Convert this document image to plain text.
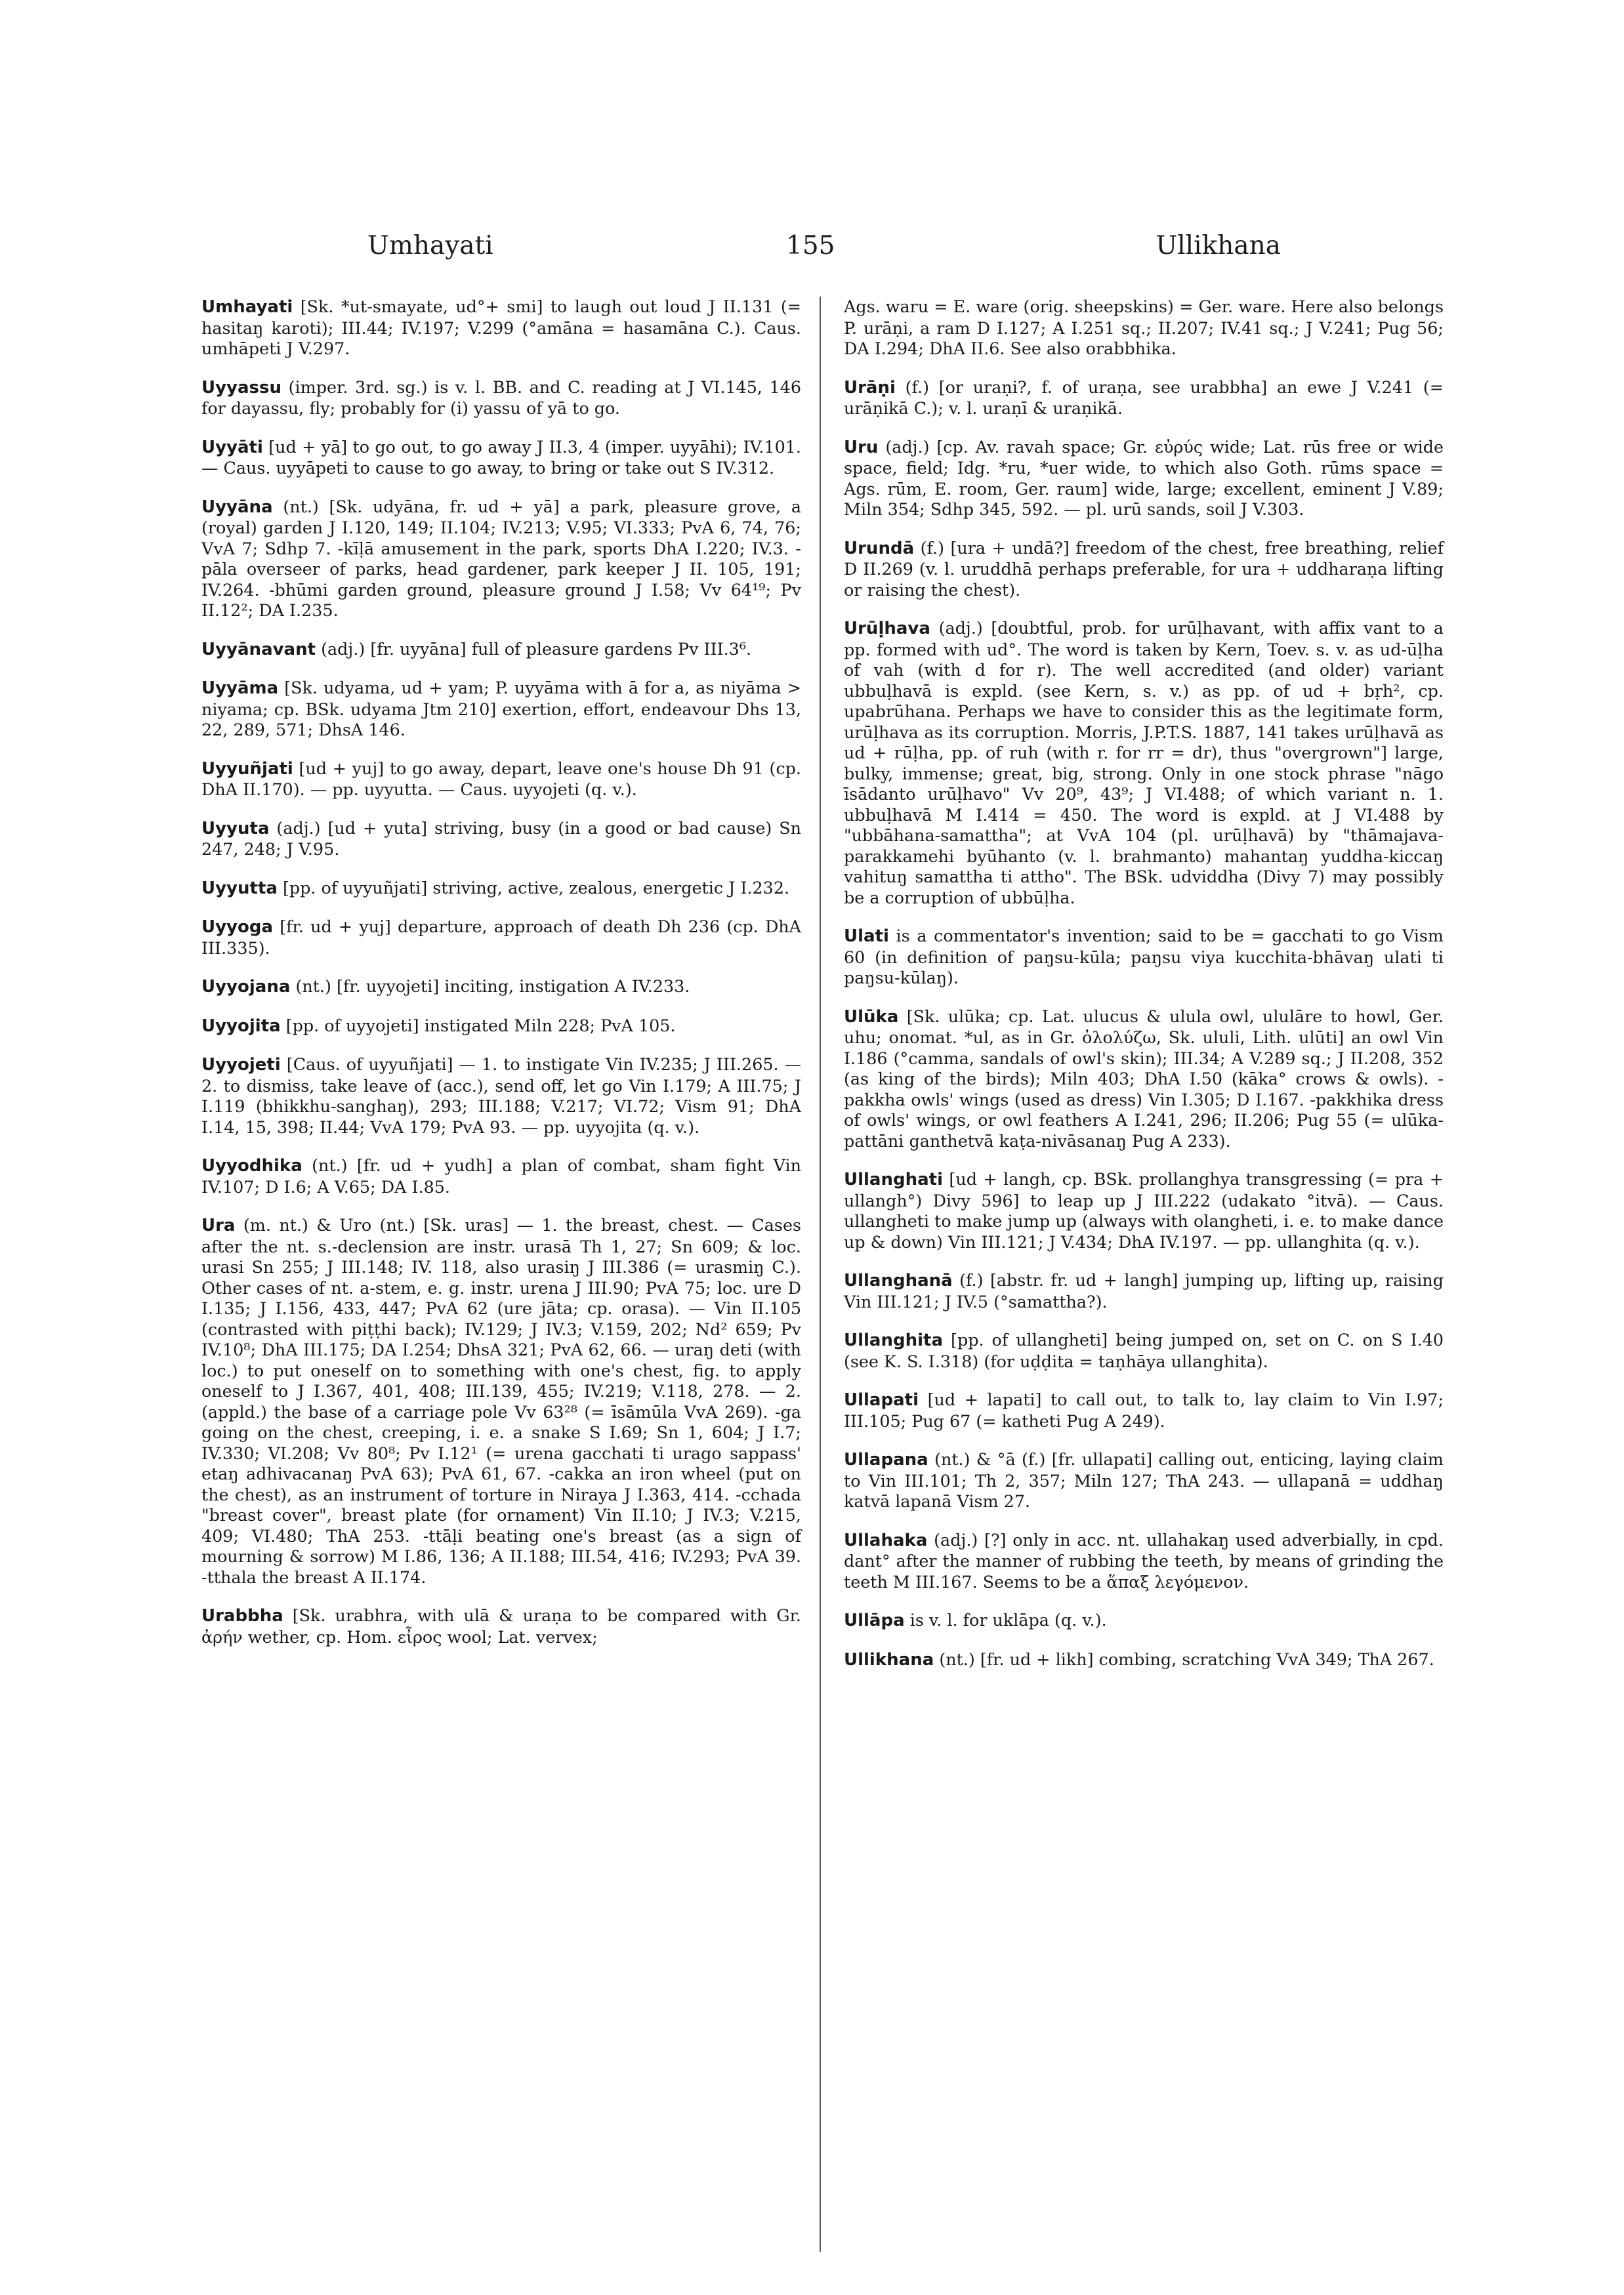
Umhayati	155	Ullikhana
Umhayati [Sk. *ut-smayate, ud°+ smi] to laugh out loud J II.131 (= hasitaŋ karoti); III.44; IV.197; V.299 (°amāna = hasamāna C.). Caus. umhāpeti J V.297.
Uyyassu (imper. 3rd. sg.) is v. l. BB. and C. reading at J VI.145, 146 for dayassu, fly; probably for (i) yassu of yā to go.
Uyyāti [ud + yā] to go out, to go away J II.3, 4 (imper. uyyāhi); IV.101. — Caus. uyyāpeti to cause to go away, to bring or take out S IV.312.
Uyyāna (nt.) [Sk. udyāna, fr. ud + yā] a park, pleasure grove, a (royal) garden J I.120, 149; II.104; IV.213; V.95; VI.333; PvA 6, 74, 76; VvA 7; Sdhp 7. -kīḷā amusement in the park, sports DhA I.220; IV.3. -pāla overseer of parks, head gardener, park keeper J II. 105, 191; IV.264. -bhūmi garden ground, pleasure ground J I.58; Vv 64¹⁹; Pv II.12²; DA I.235.
Uyyānavant (adj.) [fr. uyyāna] full of pleasure gardens Pv III.3⁶.
Uyyāma [Sk. udyama, ud + yam; P. uyyāma with ā for a, as niyāma > niyama; cp. BSk. udyama Jtm 210] exertion, effort, endeavour Dhs 13, 22, 289, 571; DhsA 146.
Uyyuñjati [ud + yuj] to go away, depart, leave one's house Dh 91 (cp. DhA II.170). — pp. uyyutta. — Caus. uyyojeti (q. v.).
Uyyuta (adj.) [ud + yuta] striving, busy (in a good or bad cause) Sn 247, 248; J V.95.
Uyyutta [pp. of uyyuñjati] striving, active, zealous, energetic J I.232.
Uyyoga [fr. ud + yuj] departure, approach of death Dh 236 (cp. DhA III.335).
Uyyojana (nt.) [fr. uyyojeti] inciting, instigation A IV.233.
Uyyojita [pp. of uyyojeti] instigated Miln 228; PvA 105.
Uyyojeti [Caus. of uyyuñjati] — 1. to instigate Vin IV.235; J III.265. — 2. to dismiss, take leave of (acc.), send off, let go Vin I.179; A III.75; J I.119 (bhikkhu-sanghaŋ), 293; III.188; V.217; VI.72; Vism 91; DhA I.14, 15, 398; II.44; VvA 179; PvA 93. — pp. uyyojita (q. v.).
Uyyodhika (nt.) [fr. ud + yudh] a plan of combat, sham fight Vin IV.107; D I.6; A V.65; DA I.85.
Ura (m. nt.) & Uro (nt.) [Sk. uras] — 1. the breast, chest. — Cases after the nt. s.-declension are instr. urasā Th 1, 27; Sn 609; & loc. urasi Sn 255; J III.148; IV. 118, also urasiŋ J III.386 (= urasmiŋ C.). Other cases of nt. a-stem, e. g. instr. urena J III.90; PvA 75; loc. ure D I.135; J I.156, 433, 447; PvA 62 (ure jāta; cp. orasa). — Vin II.105 (contrasted with piṭṭhi back); IV.129; J IV.3; V.159, 202; Nd² 659; Pv IV.10⁸; DhA III.175; DA I.254; DhsA 321; PvA 62, 66. — uraŋ deti (with loc.) to put oneself on to something with one's chest, fig. to apply oneself to J I.367, 401, 408; III.139, 455; IV.219; V.118, 278. — 2. (appld.) the base of a carriage pole Vv 63²⁸ (= īsāmūla VvA 269). -ga going on the chest, creeping, i. e. a snake S I.69; Sn 1, 604; J I.7; IV.330; VI.208; Vv 80⁸; Pv I.12¹ (= urena gacchati ti urago sappass' etaŋ adhivacanaŋ PvA 63); PvA 61, 67. -cakka an iron wheel (put on the chest), as an instrument of torture in Niraya J I.363, 414. -cchada "breast cover", breast plate (for ornament) Vin II.10; J IV.3; V.215, 409; VI.480; ThA 253. -ttāḷi beating one's breast (as a sign of mourning & sorrow) M I.86, 136; A II.188; III.54, 416; IV.293; PvA 39. -tthala the breast A II.174.
Urabbha [Sk. urabhra, with ulā & uraṇa to be compared with Gr. ἀρήν wether, cp. Hom. εἶρος wool; Lat. vervex;
Ags. waru = E. ware (orig. sheepskins) = Ger. ware. Here also belongs P. urāṇi, a ram D I.127; A I.251 sq.; II.207; IV.41 sq.; J V.241; Pug 56; DA I.294; DhA II.6. See also orabbhika.
Urāṇi (f.) [or uraṇi?, f. of uraṇa, see urabbha] an ewe J V.241 (= urāṇikā C.); v. l. uraṇī & uraṇikā.
Uru (adj.) [cp. Av. ravah space; Gr. εὐρύς wide; Lat. rūs free or wide space, field; Idg. *ru, *uer wide, to which also Goth. rūms space = Ags. rūm, E. room, Ger. raum] wide, large; excellent, eminent J V.89; Miln 354; Sdhp 345, 592. — pl. urū sands, soil J V.303.
Urundā (f.) [ura + undā?] freedom of the chest, free breathing, relief D II.269 (v. l. uruddhā perhaps preferable, for ura + uddharaṇa lifting or raising the chest).
Urūḷhava (adj.) [doubtful, prob. for urūḷhavant, with affix vant to a pp. formed with ud°. The word is taken by Kern, Toev. s. v. as ud-ūḷha of vah (with d for r). The well accredited (and older) variant ubbuḷhavā is expld. (see Kern, s. v.) as pp. of ud + bṛh², cp. upabrūhana. Perhaps we have to consider this as the legitimate form, urūḷhava as its corruption. Morris, J.P.T.S. 1887, 141 takes urūḷhavā as ud + rūḷha, pp. of ruh (with r. for rr = dr), thus "overgrown"] large, bulky, immense; great, big, strong. Only in one stock phrase "nāgo īsādanto urūḷhavo" Vv 20⁹, 43⁹; J VI.488; of which variant n. 1. ubbuḷhavā M I.414 = 450. The word is expld. at J VI.488 by "ubbāhana-samattha"; at VvA 104 (pl. urūḷhavā) by "thāmajava-parakkamehi byūhanto (v. l. brahmanto) mahantaŋ yuddha-kiccaŋ vahituŋ samattha ti attho". The BSk. udviddha (Divy 7) may possibly be a corruption of ubbūḷha.
Ulati is a commentator's invention; said to be = gacchati to go Vism 60 (in definition of paŋsu-kūla; paŋsu viya kucchita-bhāvaŋ ulati ti paŋsu-kūlaŋ).
Ulūka [Sk. ulūka; cp. Lat. ulucus & ulula owl, ululāre to howl, Ger. uhu; onomat. *ul, as in Gr. ὀλολύζω, Sk. ululi, Lith. ulūti] an owl Vin I.186 (°camma, sandals of owl's skin); III.34; A V.289 sq.; J II.208, 352 (as king of the birds); Miln 403; DhA I.50 (kāka° crows & owls). -pakkha owls' wings (used as dress) Vin I.305; D I.167. -pakkhika dress of owls' wings, or owl feathers A I.241, 296; II.206; Pug 55 (= ulūka-pattāni ganthetvā kaṭa-nivāsanaŋ Pug A 233).
Ullanghati [ud + langh, cp. BSk. prollanghya transgressing (= pra + ullangh°) Divy 596] to leap up J III.222 (udakato °itvā). — Caus. ullangheti to make jump up (always with olangheti, i. e. to make dance up & down) Vin III.121; J V.434; DhA IV.197. — pp. ullanghita (q. v.).
Ullanghanā (f.) [abstr. fr. ud + langh] jumping up, lifting up, raising Vin III.121; J IV.5 (°samattha?).
Ullanghita [pp. of ullangheti] being jumped on, set on C. on S I.40 (see K. S. I.318) (for uḍḍita = taṇhāya ullanghita).
Ullapati [ud + lapati] to call out, to talk to, lay claim to Vin I.97; III.105; Pug 67 (= katheti Pug A 249).
Ullapana (nt.) & °ā (f.) [fr. ullapati] calling out, enticing, laying claim to Vin III.101; Th 2, 357; Miln 127; ThA 243. — ullapanā = uddhaŋ katvā lapanā Vism 27.
Ullahaka (adj.) [?] only in acc. nt. ullahakaŋ used adverbially, in cpd. dant° after the manner of rubbing the teeth, by means of grinding the teeth M III.167. Seems to be a ἅπαξ λεγόμενον.
Ullāpa is v. l. for uklāpa (q. v.).
Ullikhana (nt.) [fr. ud + likh] combing, scratching VvA 349; ThA 267.
